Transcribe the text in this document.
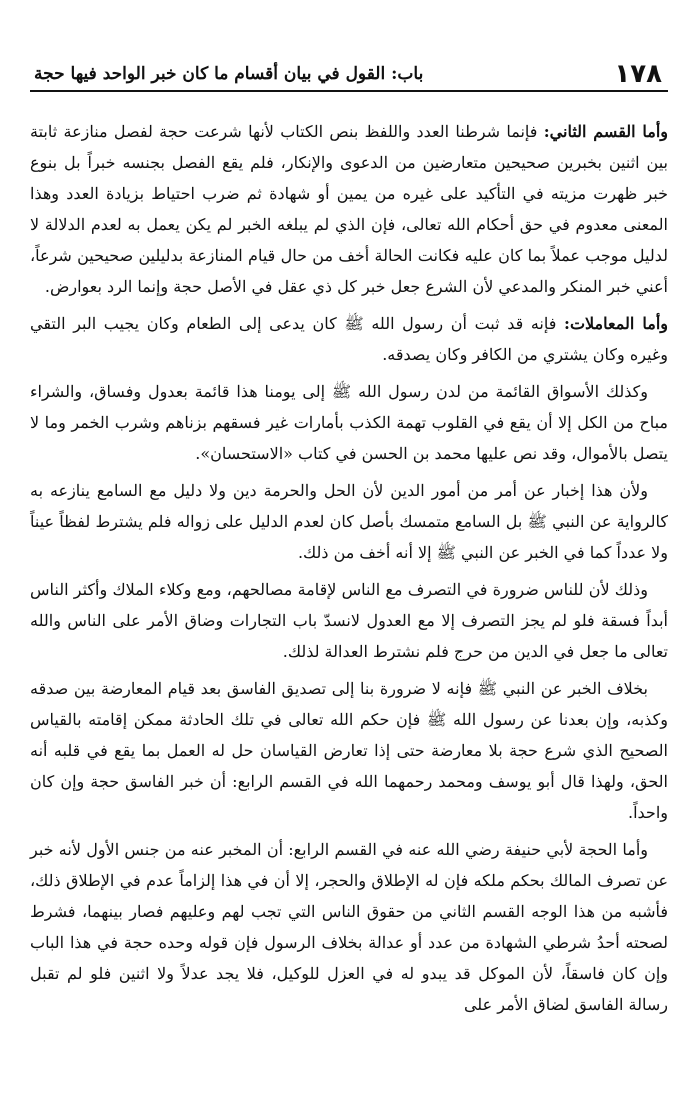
١٧٨
باب: القول في بيان أقسام ما كان خبر الواحد فيها حجة

وأما القسم الثاني: فإنما شرطنا العدد واللفظ بنص الكتاب لأنها شرعت حجة لفصل منازعة ثابتة بين اثنين بخبرين صحيحين متعارضين من الدعوى والإنكار، فلم يقع الفصل بجنسه خبراً بل بنوع خبر ظهرت مزيته في التأكيد على غيره من يمين أو شهادة ثم ضرب احتياط بزيادة العدد وهذا المعنى معدوم في حق أحكام الله تعالى، فإن الذي لم يبلغه الخبر لم يكن يعمل به لعدم الدلالة لا لدليل موجب عملاً بما كان عليه فكانت الحالة أخف من حال قيام المنازعة بدليلين صحيحين شرعاً، أعني خبر المنكر والمدعي لأن الشرع جعل خبر كل ذي عقل في الأصل حجة وإنما الرد بعوارض.

وأما المعاملات: فإنه قد ثبت أن رسول الله ﷺ كان يدعى إلى الطعام وكان يجيب البر التقي وغيره وكان يشتري من الكافر وكان يصدقه.

وكذلك الأسواق القائمة من لدن رسول الله ﷺ إلى يومنا هذا قائمة بعدول وفساق، والشراء مباح من الكل إلا أن يقع في القلوب تهمة الكذب بأمارات غير فسقهم بزناهم وشرب الخمر وما لا يتصل بالأموال، وقد نص عليها محمد بن الحسن في كتاب «الاستحسان».

ولأن هذا إخبار عن أمر من أمور الدين لأن الحل والحرمة دين ولا دليل مع السامع ينازعه به كالرواية عن النبي ﷺ بل السامع متمسك بأصل كان لعدم الدليل على زواله فلم يشترط لفظاً عيناً ولا عدداً كما في الخبر عن النبي ﷺ إلا أنه أخف من ذلك.

وذلك لأن للناس ضرورة في التصرف مع الناس لإقامة مصالحهم، ومع وكلاء الملاك وأكثر الناس أبداً فسقة فلو لم يجز التصرف إلا مع العدول لانسدّ باب التجارات وضاق الأمر على الناس والله تعالى ما جعل في الدين من حرج فلم نشترط العدالة لذلك.

بخلاف الخبر عن النبي ﷺ فإنه لا ضرورة بنا إلى تصديق الفاسق بعد قيام المعارضة بين صدقه وكذبه، وإن بعدنا عن رسول الله ﷺ فإن حكم الله تعالى في تلك الحادثة ممكن إقامته بالقياس الصحيح الذي شرع حجة بلا معارضة حتى إذا تعارض القياسان حل له العمل بما يقع في قلبه أنه الحق، ولهذا قال أبو يوسف ومحمد رحمهما الله في القسم الرابع: أن خبر الفاسق حجة وإن كان واحداً.

وأما الحجة لأبي حنيفة رضي الله عنه في القسم الرابع: أن المخبر عنه من جنس الأول لأنه خبر عن تصرف المالك بحكم ملكه فإن له الإطلاق والحجر، إلا أن في هذا إلزاماً عدم في الإطلاق ذلك، فأشبه من هذا الوجه القسم الثاني من حقوق الناس التي تجب لهم وعليهم فصار بينهما، فشرط لصحته أحدُ شرطي الشهادة من عدد أو عدالة بخلاف الرسول فإن قوله وحده حجة في هذا الباب وإن كان فاسقاً، لأن الموكل قد يبدو له في العزل للوكيل، فلا يجد عدلاً ولا اثنين فلو لم تقبل رسالة الفاسق لضاق الأمر على
